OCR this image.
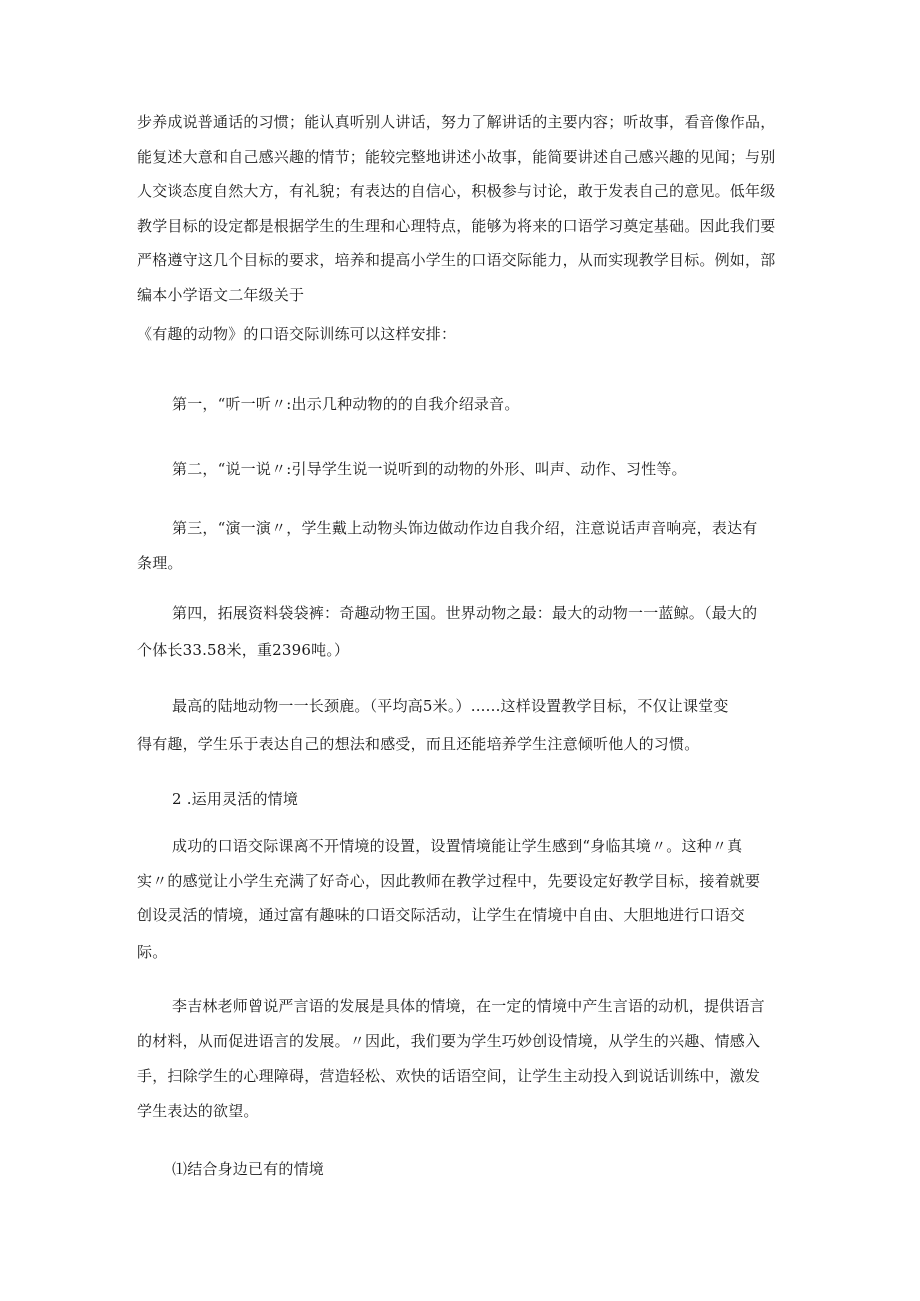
步养成说普通话的习惯；能认真听别人讲话，努力了解讲话的主要内容；听故事，看音像作品，
能复述大意和自己感兴趣的情节；能较完整地讲述小故事，能简要讲述自己感兴趣的见闻；与别
人交谈态度自然大方，有礼貌；有表达的自信心，积极参与讨论，敢于发表自己的意见。低年级
教学目标的设定都是根据学生的生理和心理特点，能够为将来的口语学习奠定基础。因此我们要
严格遵守这几个目标的要求，培养和提高小学生的口语交际能力，从而实现教学目标。例如，部
编本小学语文二年级关于
《有趣的动物》的口语交际训练可以这样安排：
第一，“听一听〃:出示几种动物的的自我介绍录音。
第二，“说一说〃:引导学生说一说听到的动物的外形、叫声、动作、习性等。
第三，“演一演〃，学生戴上动物头饰边做动作边自我介绍，注意说话声音响亮，表达有
条理。
第四，拓展资料袋袋裤：奇趣动物王国。世界动物之最：最大的动物一一蓝鲸。（最大的
个体长33.58米，重2396吨。）
最高的陆地动物一一长颈鹿。（平均高5米。）......这样设置教学目标，不仅让课堂变
得有趣，学生乐于表达自己的想法和感受，而且还能培养学生注意倾听他人的习惯。
2 .运用灵活的情境
成功的口语交际课离不开情境的设置，设置情境能让学生感到“身临其境〃。这种〃真
实〃的感觉让小学生充满了好奇心，因此教师在教学过程中，先要设定好教学目标，接着就要
创设灵活的情境，通过富有趣味的口语交际活动，让学生在情境中自由、大胆地进行口语交
际。
李吉林老师曾说严言语的发展是具体的情境，在一定的情境中产生言语的动机，提供语言
的材料，从而促进语言的发展。〃因此，我们要为学生巧妙创设情境，从学生的兴趣、情感入
手，扫除学生的心理障碍，营造轻松、欢快的话语空间，让学生主动投入到说话训练中，激发
学生表达的欲望。
⑴结合身边已有的情境
